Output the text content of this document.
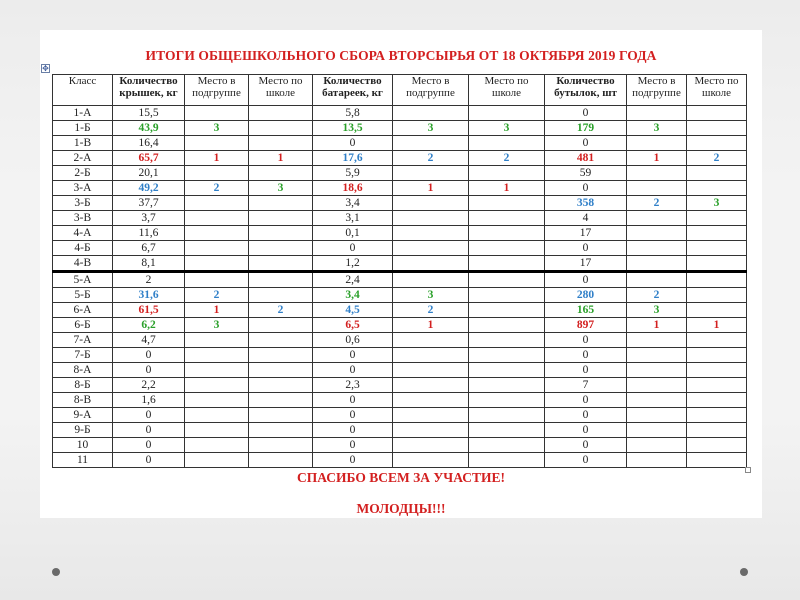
ИТОГИ ОБЩЕШКОЛЬНОГО СБОРА ВТОРСЫРЬЯ ОТ 18 ОКТЯБРЯ 2019 ГОДА
✥
Класс	Количество крышек, кг	Место в подгруппе	Место по школе	Количество батареек, кг	Место в подгруппе	Место по школе	Количество бутылок, шт	Место в подгруппе	Место по школе
1-А	15,5			5,8			0		
1-Б	43,9	3		13,5	3	3	179	3	
1-В	16,4			0			0		
2-А	65,7	1	1	17,6	2	2	481	1	2
2-Б	20,1			5,9			59		
3-А	49,2	2	3	18,6	1	1	0		
3-Б	37,7			3,4			358	2	3
3-В	3,7			3,1			4		
4-А	11,6			0,1			17		
4-Б	6,7			0			0		
4-В	8,1			1,2			17		
5-А	2			2,4			0		
5-Б	31,6	2		3,4	3		280	2	
6-А	61,5	1	2	4,5	2		165	3	
6-Б	6,2	3		6,5	1		897	1	1
7-А	4,7			0,6			0		
7-Б	0			0			0		
8-А	0			0			0		
8-Б	2,2			2,3			7		
8-В	1,6			0			0		
9-А	0			0			0		
9-Б	0			0			0		
10	0			0			0		
11	0			0			0		
СПАСИБО ВСЕМ ЗА УЧАСТИЕ!
МОЛОДЦЫ!!!
